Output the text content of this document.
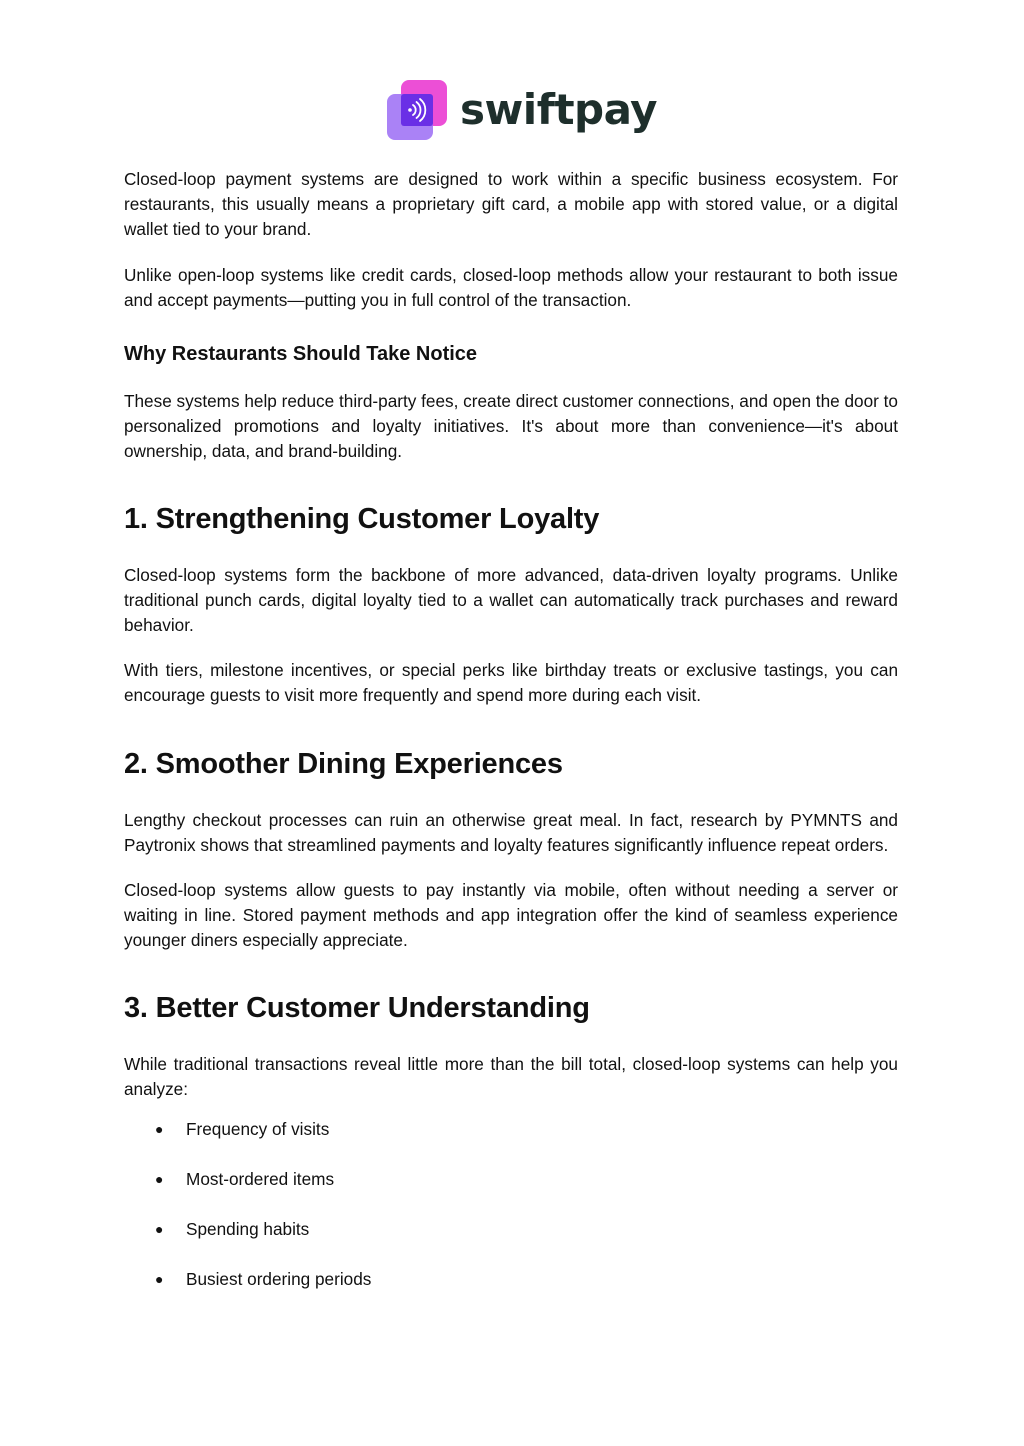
swiftpay

Closed-loop payment systems are designed to work within a specific business ecosystem. For restaurants, this usually means a proprietary gift card, a mobile app with stored value, or a digital wallet tied to your brand.

Unlike open-loop systems like credit cards, closed-loop methods allow your restaurant to both issue and accept payments—putting you in full control of the transaction.

Why Restaurants Should Take Notice

These systems help reduce third-party fees, create direct customer connections, and open the door to personalized promotions and loyalty initiatives. It's about more than convenience—it's about ownership, data, and brand-building.

1. Strengthening Customer Loyalty

Closed-loop systems form the backbone of more advanced, data-driven loyalty programs. Unlike traditional punch cards, digital loyalty tied to a wallet can automatically track purchases and reward behavior.

With tiers, milestone incentives, or special perks like birthday treats or exclusive tastings, you can encourage guests to visit more frequently and spend more during each visit.

2. Smoother Dining Experiences

Lengthy checkout processes can ruin an otherwise great meal. In fact, research by PYMNTS and Paytronix shows that streamlined payments and loyalty features significantly influence repeat orders.

Closed-loop systems allow guests to pay instantly via mobile, often without needing a server or waiting in line. Stored payment methods and app integration offer the kind of seamless experience younger diners especially appreciate.

3. Better Customer Understanding

While traditional transactions reveal little more than the bill total, closed-loop systems can help you analyze:

● Frequency of visits
● Most-ordered items
● Spending habits
● Busiest ordering periods
